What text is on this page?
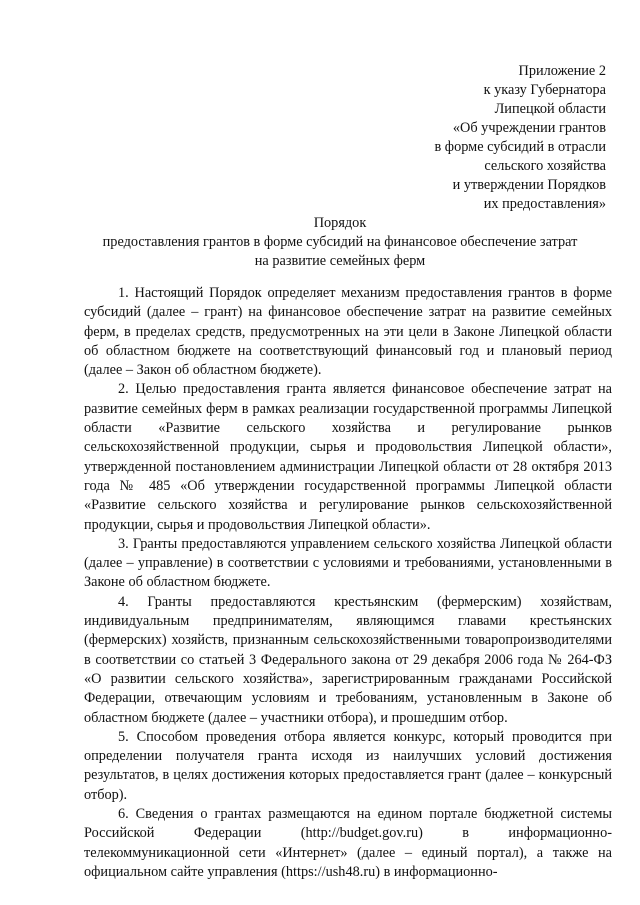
Приложение 2
к указу Губернатора
Липецкой области
«Об учреждении грантов
в форме субсидий в отрасли
сельского хозяйства
и утверждении Порядков
их предоставления»
Порядок
предоставления грантов в форме субсидий на финансовое обеспечение затрат
на развитие семейных ферм

1. Настоящий Порядок определяет механизм предоставления грантов в форме субсидий (далее – грант) на финансовое обеспечение затрат на развитие семейных ферм, в пределах средств, предусмотренных на эти цели в Законе Липецкой области об областном бюджете на соответствующий финансовый год и плановый период (далее – Закон об областном бюджете).

2. Целью предоставления гранта является финансовое обеспечение затрат на развитие семейных ферм в рамках реализации государственной программы Липецкой области «Развитие сельского хозяйства и регулирование рынков сельскохозяйственной продукции, сырья и продовольствия Липецкой области», утвержденной постановлением администрации Липецкой области от 28 октября 2013 года № 485 «Об утверждении государственной программы Липецкой области «Развитие сельского хозяйства и регулирование рынков сельскохозяйственной продукции, сырья и продовольствия Липецкой области».

3. Гранты предоставляются управлением сельского хозяйства Липецкой области (далее – управление) в соответствии с условиями и требованиями, установленными в Законе об областном бюджете.

4. Гранты предоставляются крестьянским (фермерским) хозяйствам, индивидуальным предпринимателям, являющимся главами крестьянских (фермерских) хозяйств, признанным сельскохозяйственными товаропроизводителями в соответствии со статьей 3 Федерального закона от 29 декабря 2006 года № 264-ФЗ «О развитии сельского хозяйства», зарегистрированным гражданами Российской Федерации, отвечающим условиям и требованиям, установленным в Законе об областном бюджете (далее – участники отбора), и прошедшим отбор.

5. Способом проведения отбора является конкурс, который проводится при определении получателя гранта исходя из наилучших условий достижения результатов, в целях достижения которых предоставляется грант (далее – конкурсный отбор).

6. Сведения о грантах размещаются на едином портале бюджетной системы Российской Федерации (http://budget.gov.ru) в информационно-телекоммуникационной сети «Интернет» (далее – единый портал), а также на официальном сайте управления (https://ush48.ru) в информационно-
